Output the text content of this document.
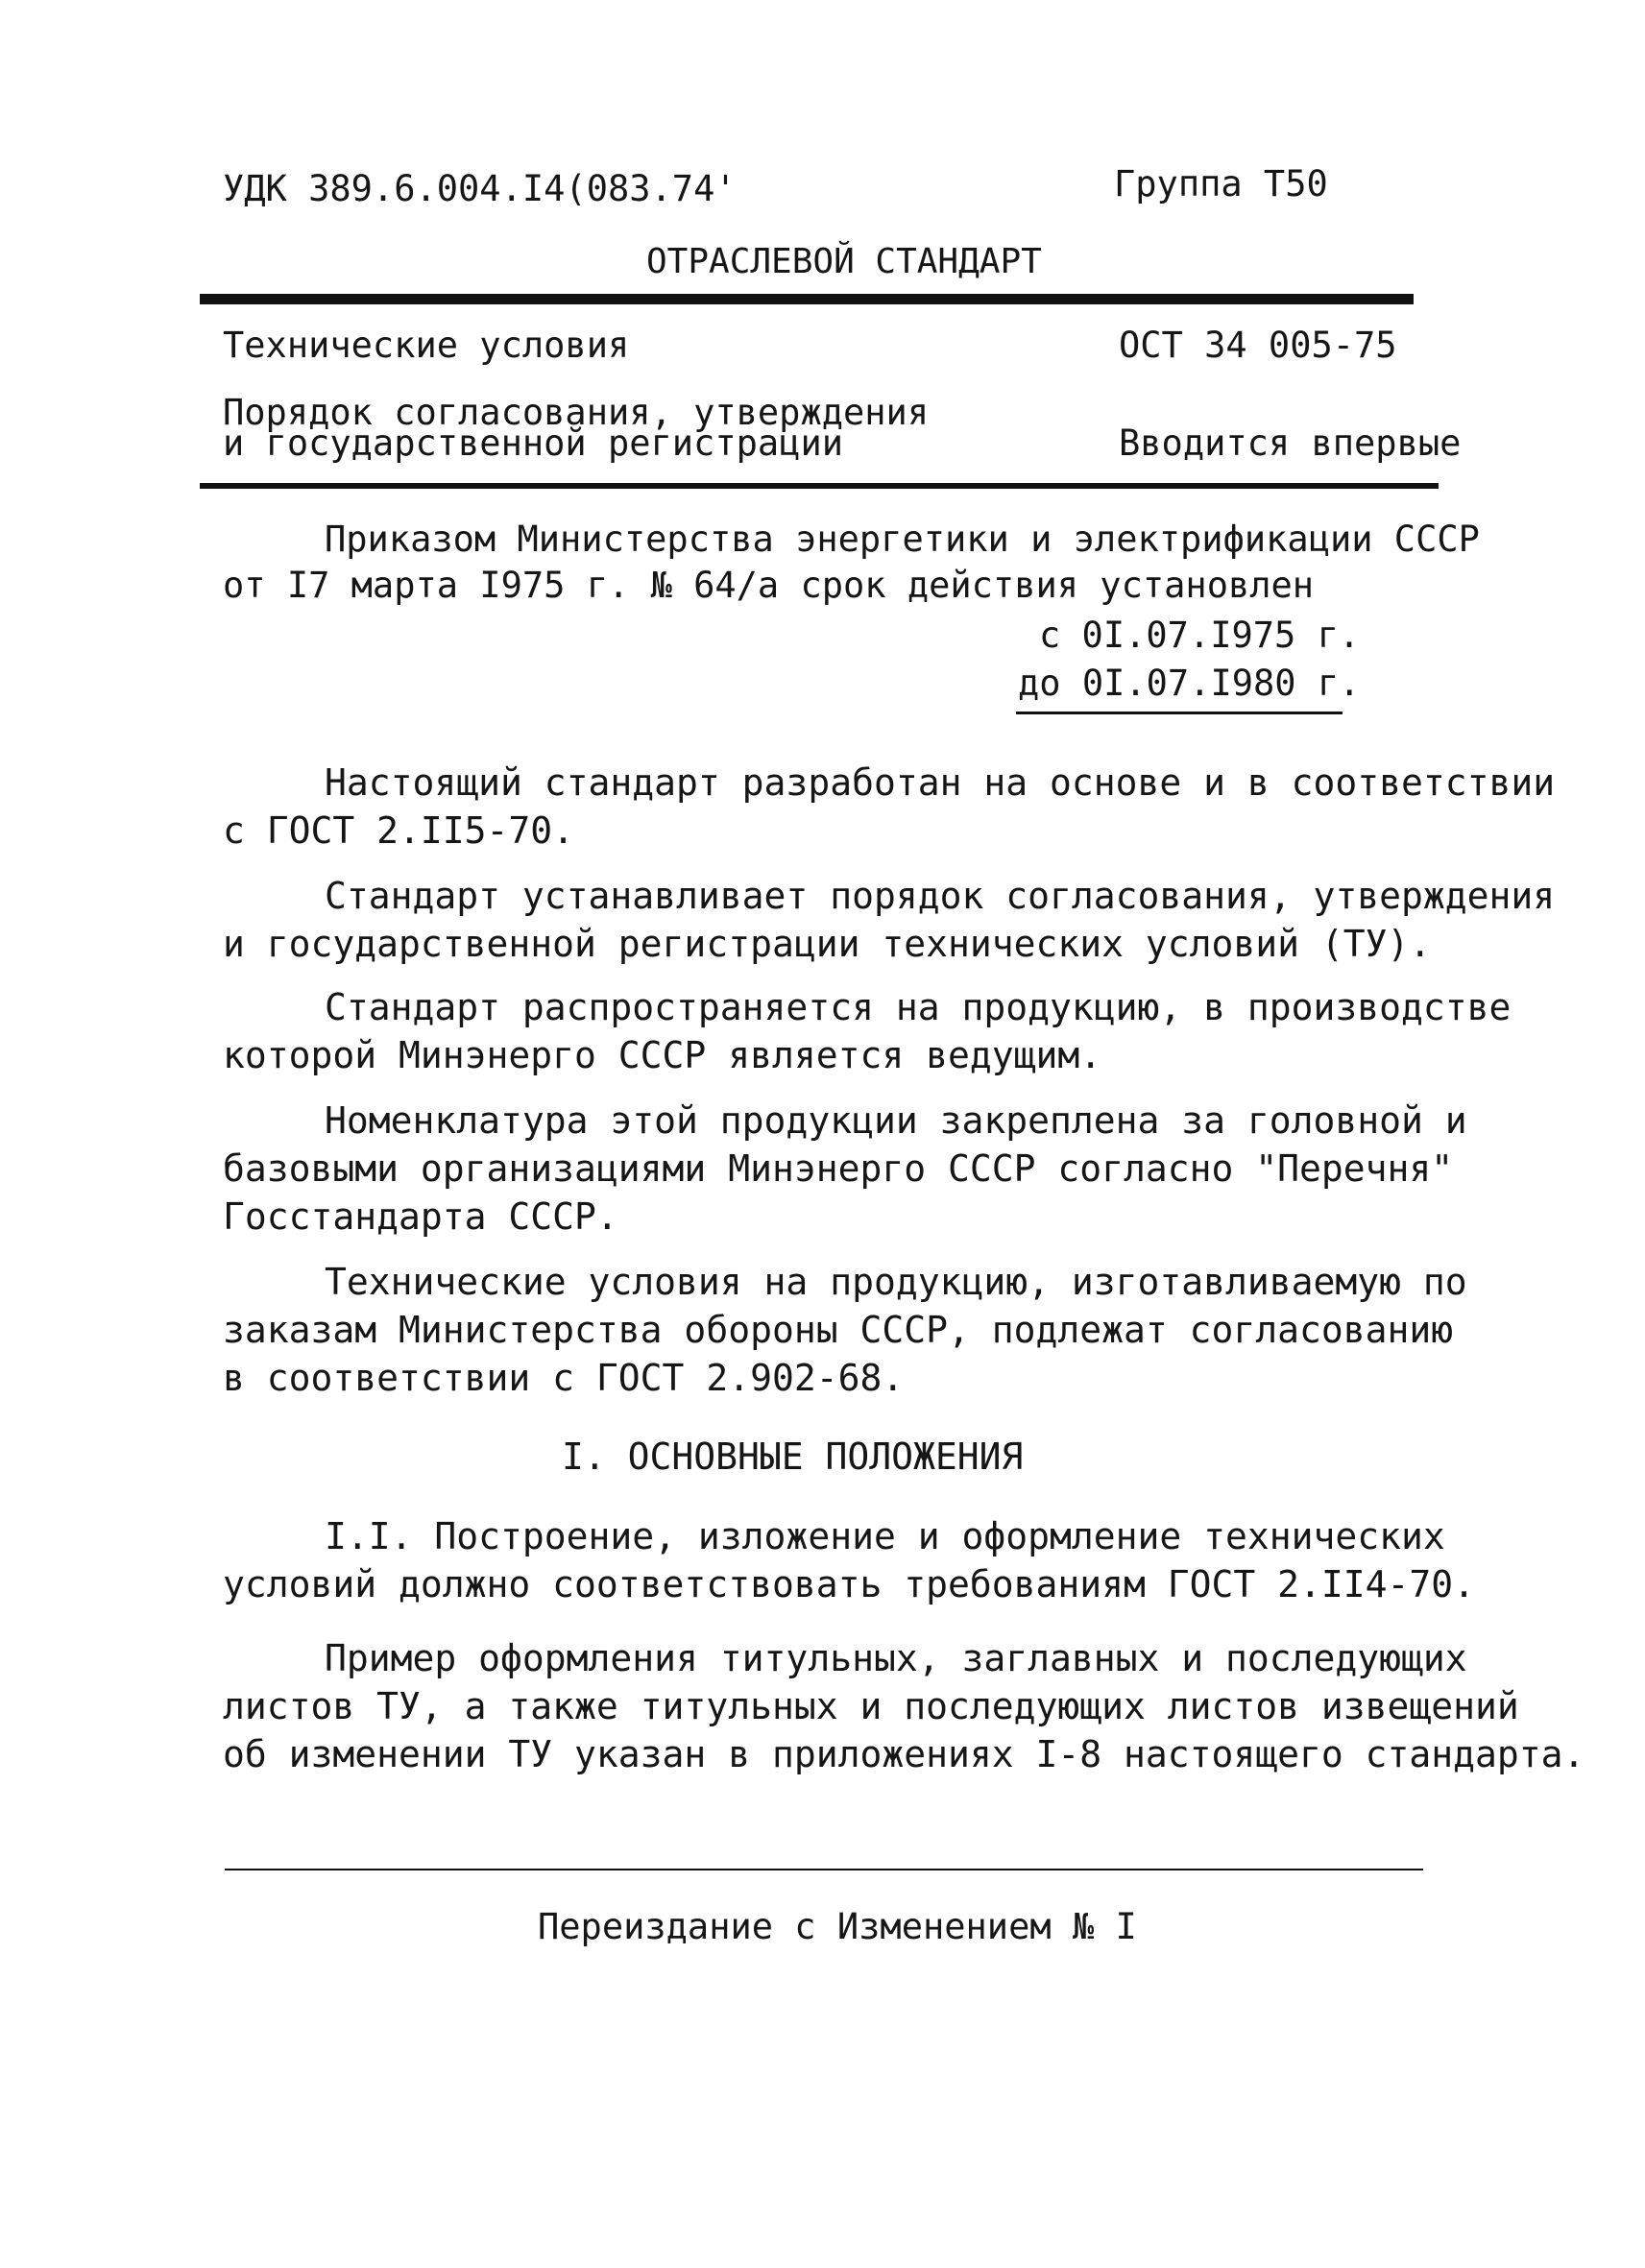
УДК 389.6.004.I4(083.74'	Группа Т50
ОТРАСЛЕВОЙ СТАНДАРТ
Технические условия	ОСТ 34 005-75
Порядок согласования, утверждения
и государственной регистрации	Вводится впервые
Приказом Министерства энергетики и электрификации СССР
от I7 марта I975 г. № 64/а срок действия установлен
с 0I.07.I975 г.
до 0I.07.I980 г.
Настоящий стандарт разработан на основе и в соответствии
с ГОСТ 2.II5-70.
Стандарт устанавливает порядок согласования, утверждения
и государственной регистрации технических условий (ТУ).
Стандарт распространяется на продукцию, в производстве
которой Минэнерго СССР является ведущим.
Номенклатура этой продукции закреплена за головной и
базовыми организациями Минэнерго СССР согласно "Перечня"
Госстандарта СССР.
Технические условия на продукцию, изготавливаемую по
заказам Министерства обороны СССР, подлежат согласованию
в соответствии с ГОСТ 2.902-68.
I. ОСНОВНЫЕ ПОЛОЖЕНИЯ
I.I. Построение, изложение и оформление технических
условий должно соответствовать требованиям ГОСТ 2.II4-70.
Пример оформления титульных, заглавных и последующих
листов ТУ, а также титульных и последующих листов извещений
об изменении ТУ указан в приложениях I-8 настоящего стандарта.
Переиздание с Изменением № I
